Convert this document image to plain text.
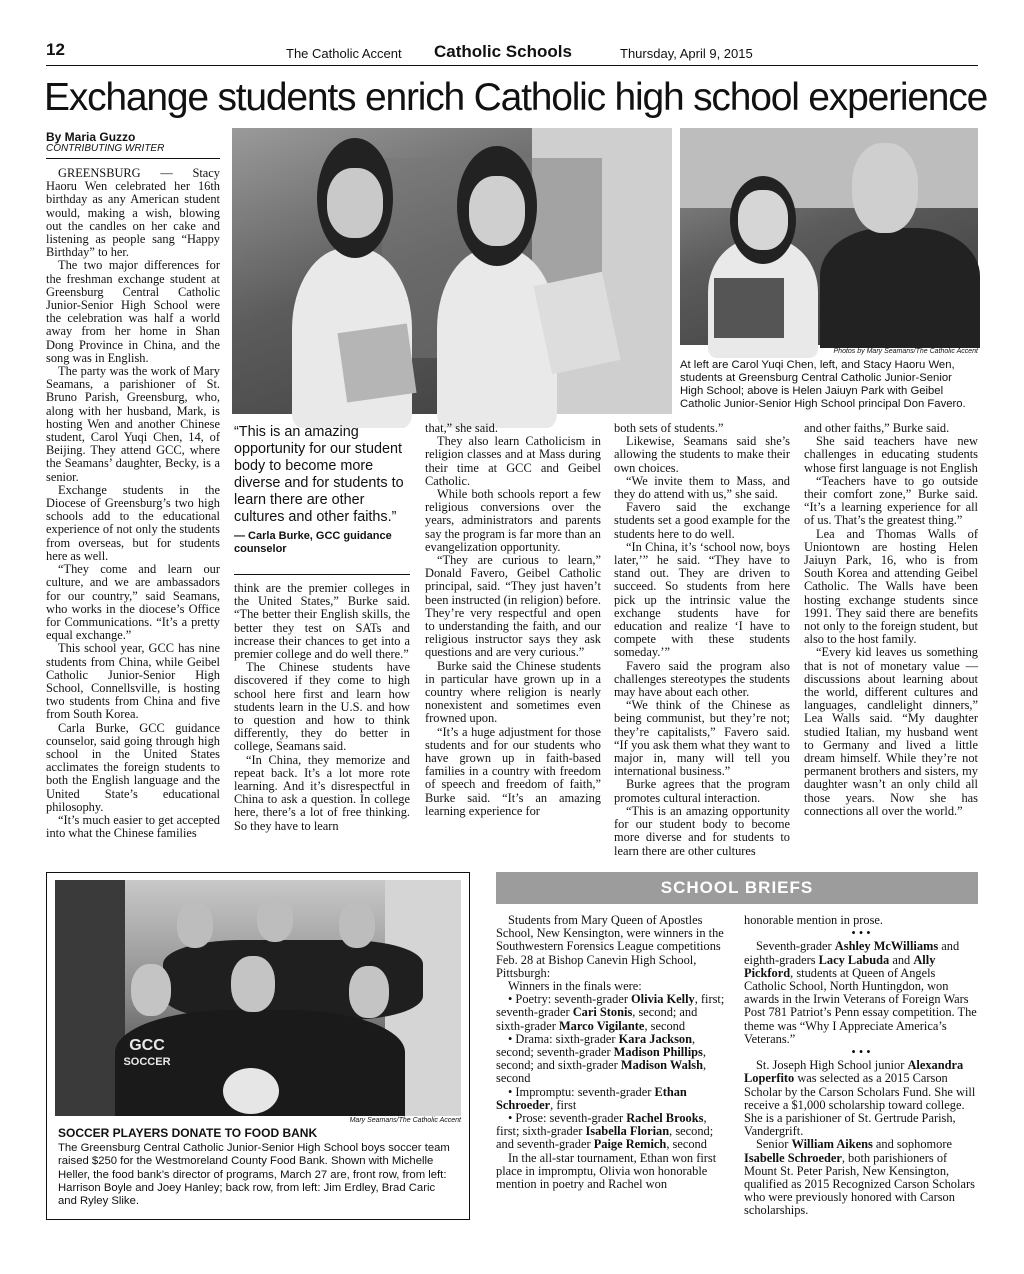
12	The Catholic Accent Catholic Schools	Thursday, April 9, 2015
Exchange students enrich Catholic high school experience
By Maria Guzzo
CONTRIBUTING WRITER

GREENSBURG — Stacy Haoru Wen celebrated her 16th birthday as any American student would, making a wish, blowing out the candles on her cake and listening as people sang “Happy Birthday” to her.

The two major differences for the freshman exchange student at Greensburg Central Catholic Junior-Senior High School were the celebration was half a world away from her home in Shan Dong Province in China, and the song was in English.

The party was the work of Mary Seamans, a parishioner of St. Bruno Parish, Greensburg, who, along with her husband, Mark, is hosting Wen and another Chinese student, Carol Yuqi Chen, 14, of Beijing. They attend GCC, where the Seamans’ daughter, Becky, is a senior.

Exchange students in the Diocese of Greensburg’s two high schools add to the educational experience of not only the students from overseas, but for students here as well.

“They come and learn our culture, and we are ambassadors for our country,” said Seamans, who works in the diocese’s Office for Communications. “It’s a pretty equal exchange.”

This school year, GCC has nine students from China, while Geibel Catholic Junior-Senior High School, Connellsville, is hosting two students from China and five from South Korea.

Carla Burke, GCC guidance counselor, said going through high school in the United States acclimates the foreign students to both the English language and the United State’s educational philosophy.

“It’s much easier to get accepted into what the Chinese families

Photos by Mary Seamans/The Catholic Accent
At left are Carol Yuqi Chen, left, and Stacy Haoru Wen, students at Greensburg Central Catholic Junior-Senior High School; above is Helen Jaiuyn Park with Geibel Catholic Junior-Senior High School principal Don Favero.
“This is an amazing opportunity for our student body to become more diverse and for students to learn there are other cultures and other faiths.”
— Carla Burke, GCC guidance counselor

think are the premier colleges in the United States,” Burke said. “The better their English skills, the better they test on SATs and increase their chances to get into a premier college and do well there.”

The Chinese students have discovered if they come to high school here first and learn how students learn in the U.S. and how to question and how to think differently, they do better in college, Seamans said.

“In China, they memorize and repeat back. It’s a lot more rote learning. And it’s disrespectful in China to ask a question. In college here, there’s a lot of free thinking. So they have to learn

that,” she said.

They also learn Catholicism in religion classes and at Mass during their time at GCC and Geibel Catholic.

While both schools report a few religious conversions over the years, administrators and parents say the program is far more than an evangelization opportunity.

“They are curious to learn,” Donald Favero, Geibel Catholic principal, said. “They just haven’t been instructed (in religion) before. They’re very respectful and open to understanding the faith, and our religious instructor says they ask questions and are very curious.”

Burke said the Chinese students in particular have grown up in a country where religion is nearly nonexistent and sometimes even frowned upon.

“It’s a huge adjustment for those students and for our students who have grown up in faith-based families in a country with freedom of speech and freedom of faith,” Burke said. “It’s an amazing learning experience for

both sets of students.”

Likewise, Seamans said she’s allowing the students to make their own choices.

“We invite them to Mass, and they do attend with us,” she said.

Favero said the exchange students set a good example for the students here to do well.

“In China, it’s ‘school now, boys later,’” he said. “They have to stand out. They are driven to succeed. So students from here pick up the intrinsic value the exchange students have for education and realize ‘I have to compete with these students someday.’”

Favero said the program also challenges stereotypes the students may have about each other.

“We think of the Chinese as being communist, but they’re not; they’re capitalists,” Favero said. “If you ask them what they want to major in, many will tell you international business.”

Burke agrees that the program promotes cultural interaction.

“This is an amazing opportunity for our student body to become more diverse and for students to learn there are other cultures

and other faiths,” Burke said.

She said teachers have new challenges in educating students whose first language is not English

“Teachers have to go outside their comfort zone,” Burke said. “It’s a learning experience for all of us. That’s the greatest thing.”

Lea and Thomas Walls of Uniontown are hosting Helen Jaiuyn Park, 16, who is from South Korea and attending Geibel Catholic. The Walls have been hosting exchange students since 1991. They said there are benefits not only to the foreign student, but also to the host family.

“Every kid leaves us something that is not of monetary value — discussions about learning about the world, different cultures and languages, candlelight dinners,” Lea Walls said. “My daughter studied Italian, my husband went to Germany and lived a little dream himself. While they’re not permanent brothers and sisters, my daughter wasn’t an only child all those years. Now she has connections all over the world.”

GCC
SOCCER
Mary Seamans/The Catholic Accent
SOCCER PLAYERS DONATE TO FOOD BANK
The Greensburg Central Catholic Junior-Senior High School boys soccer team raised $250 for the Westmoreland County Food Bank. Shown with Michelle Heller, the food bank’s director of programs, March 27 are, front row, from left: Harrison Boyle and Joey Hanley; back row, from left: Jim Erdley, Brad Caric and Ryley Slike.
SCHOOL BRIEFS

Students from Mary Queen of Apostles School, New Kensington, were winners in the Southwestern Forensics League competitions Feb. 28 at Bishop Canevin High School, Pittsburgh:

Winners in the finals were:

• Poetry: seventh-grader Olivia Kelly, first; seventh-grader Cari Stonis, second; and sixth-grader Marco Vigilante, second

• Drama: sixth-grader Kara Jackson, second; seventh-grader Madison Phillips, second; and sixth-grader Madison Walsh, second

• Impromptu: seventh-grader Ethan Schroeder, first

• Prose: seventh-grader Rachel Brooks, first; sixth-grader Isabella Florian, second; and seventh-grader Paige Remich, second

In the all-star tournament, Ethan won first place in impromptu, Olivia won honorable mention in poetry and Rachel won

honorable mention in prose.

• • •

Seventh-grader Ashley McWilliams and eighth-graders Lacy Labuda and Ally Pickford, students at Queen of Angels Catholic School, North Huntingdon, won awards in the Irwin Veterans of Foreign Wars Post 781 Patriot’s Penn essay competition. The theme was “Why I Appreciate America’s Veterans.”

• • •

St. Joseph High School junior Alexandra Loperfito was selected as a 2015 Carson Scholar by the Carson Scholars Fund. She will receive a $1,000 scholarship toward college. She is a parishioner of St. Gertrude Parish, Vandergrift.

Senior William Aikens and sophomore Isabelle Schroeder, both parishioners of Mount St. Peter Parish, New Kensington, qualified as 2015 Recognized Carson Scholars who were previously honored with Carson scholarships.
